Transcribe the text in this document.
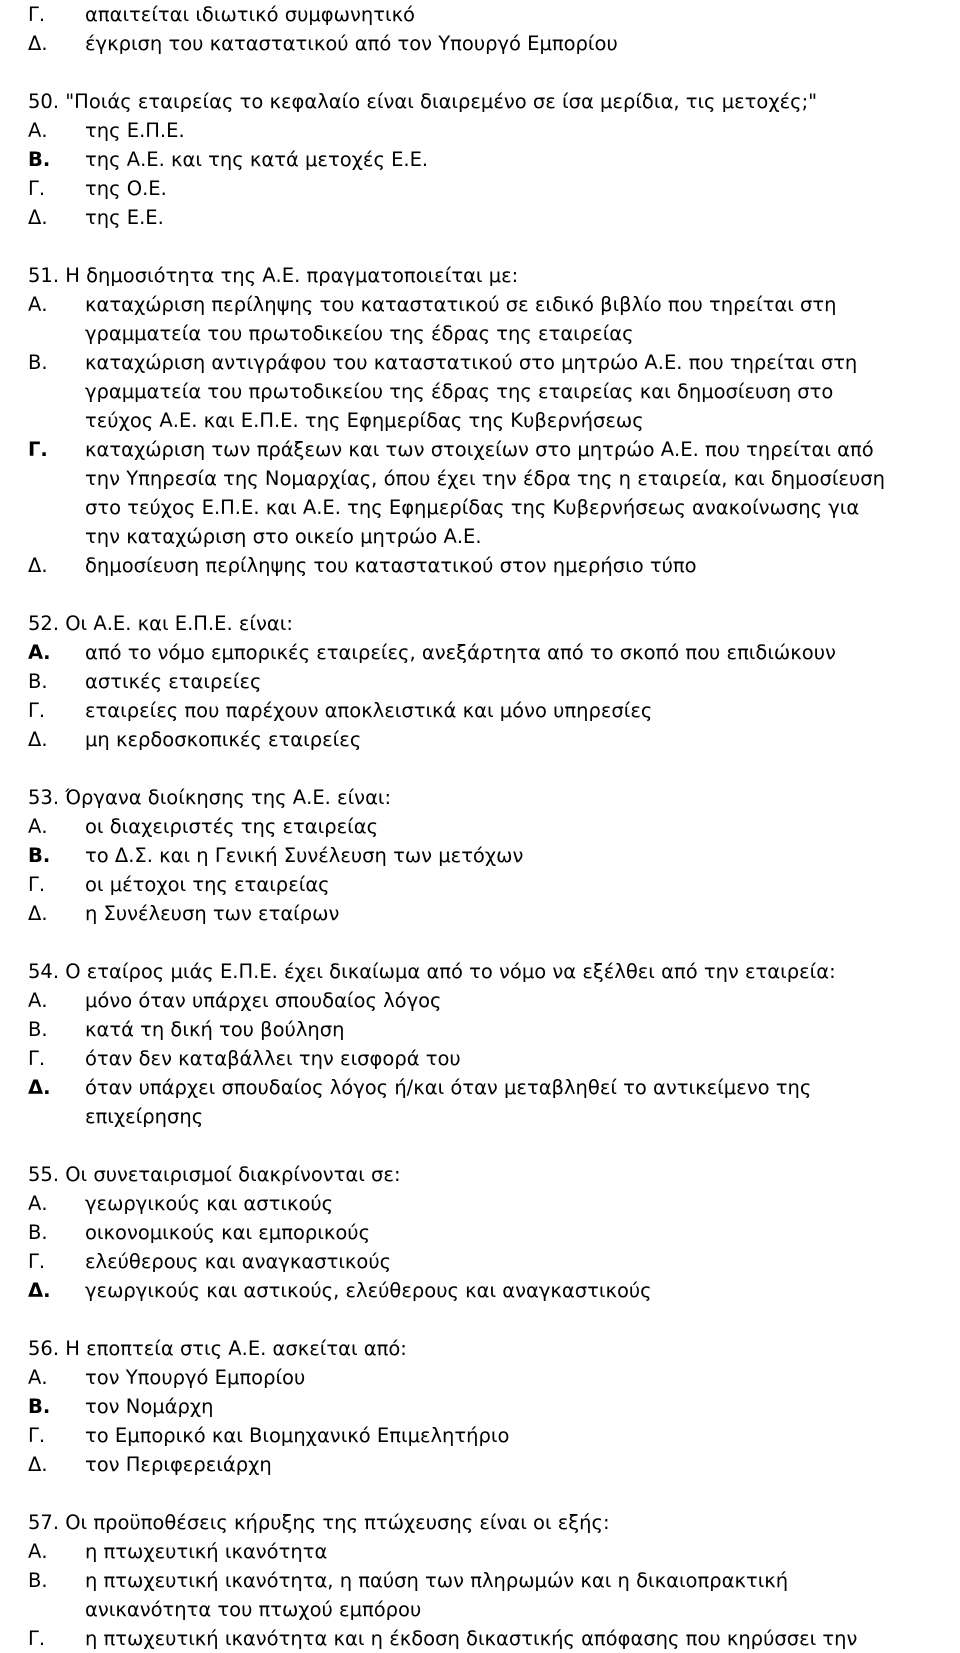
Γ.	απαιτείται ιδιωτικό συμφωνητικό
Δ.	έγκριση του καταστατικού από τον Υπουργό Εμπορίου
50. "Ποιάς εταιρείας το κεφαλαίο είναι διαιρεμένο σε ίσα μερίδια, τις μετοχές;"
Α.	της Ε.Π.Ε.
Β.	της Α.Ε. και της κατά μετοχές Ε.Ε.
Γ.	της Ο.Ε.
Δ.	της Ε.Ε.
51. Η δημοσιότητα της Α.Ε. πραγματοποιείται με:
Α.	καταχώριση περίληψης του καταστατικού σε ειδικό βιβλίο που τηρείται στη
γραμματεία του πρωτοδικείου της έδρας της εταιρείας
Β.	καταχώριση αντιγράφου του καταστατικού στο μητρώο Α.Ε. που τηρείται στη
γραμματεία του πρωτοδικείου της έδρας της εταιρείας και δημοσίευση στο
τεύχος Α.Ε. και Ε.Π.Ε. της Εφημερίδας της Κυβερνήσεως
Γ.	καταχώριση των πράξεων και των στοιχείων στο μητρώο Α.Ε. που τηρείται από
την Υπηρεσία της Νομαρχίας, όπου έχει την έδρα της η εταιρεία, και δημοσίευση
στο τεύχος Ε.Π.Ε. και Α.Ε. της Εφημερίδας της Κυβερνήσεως ανακοίνωσης για
την καταχώριση στο οικείο μητρώο Α.Ε.
Δ.	δημοσίευση περίληψης του καταστατικού στον ημερήσιο τύπο
52. Οι Α.Ε. και Ε.Π.Ε. είναι:
Α.	από το νόμο εμπορικές εταιρείες, ανεξάρτητα από το σκοπό που επιδιώκουν
Β.	αστικές εταιρείες
Γ.	εταιρείες που παρέχουν αποκλειστικά και μόνο υπηρεσίες
Δ.	μη κερδοσκοπικές εταιρείες
53. Όργανα διοίκησης της Α.Ε. είναι:
Α.	οι διαχειριστές της εταιρείας
Β.	το Δ.Σ. και η Γενική Συνέλευση των μετόχων
Γ.	οι μέτοχοι της εταιρείας
Δ.	η Συνέλευση των εταίρων
54. Ο εταίρος μιάς Ε.Π.Ε. έχει δικαίωμα από το νόμο να εξέλθει από την εταιρεία:
Α.	μόνο όταν υπάρχει σπουδαίος λόγος
Β.	κατά τη δική του βούληση
Γ.	όταν δεν καταβάλλει την εισφορά του
Δ.	όταν υπάρχει σπουδαίος λόγος ή/και όταν μεταβληθεί το αντικείμενο της
επιχείρησης
55. Οι συνεταιρισμοί διακρίνονται σε:
Α.	γεωργικούς και αστικούς
Β.	οικονομικούς και εμπορικούς
Γ.	ελεύθερους και αναγκαστικούς
Δ.	γεωργικούς και αστικούς, ελεύθερους και αναγκαστικούς
56. Η εποπτεία στις Α.Ε. ασκείται από:
Α.	τον Υπουργό Εμπορίου
Β.	τον Νομάρχη
Γ.	το Εμπορικό και Βιομηχανικό Επιμελητήριο
Δ.	τον Περιφερειάρχη
57. Οι προϋποθέσεις κήρυξης της πτώχευσης είναι οι εξής:
Α.	η πτωχευτική ικανότητα
Β.	η πτωχευτική ικανότητα, η παύση των πληρωμών και η δικαιοπρακτική
ανικανότητα του πτωχού εμπόρου
Γ.	η πτωχευτική ικανότητα και η έκδοση δικαστικής απόφασης που κηρύσσει την
